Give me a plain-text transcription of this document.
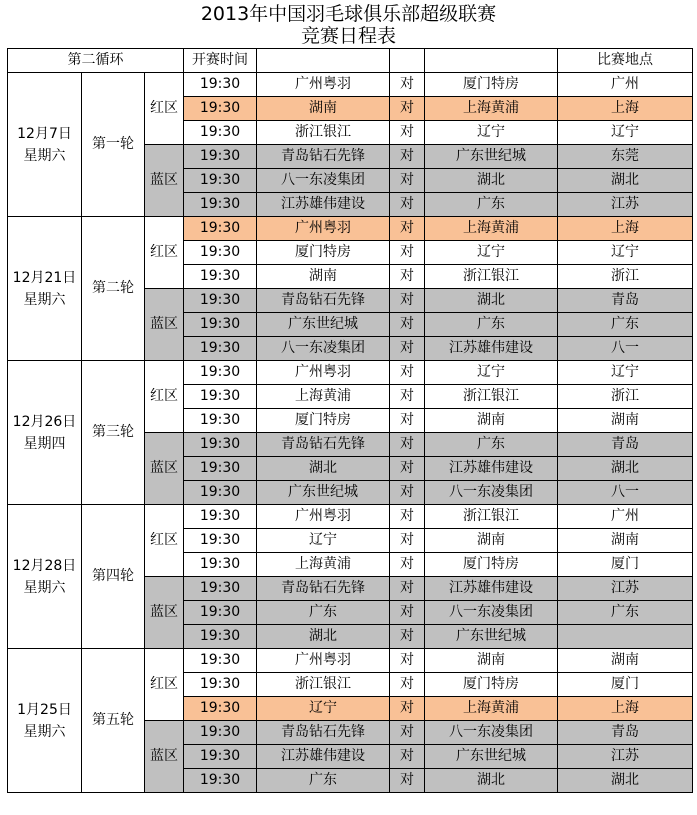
2013年中国羽毛球俱乐部超级联赛
竞赛日程表
第二循环			开赛时间				比赛地点

12月7日
星期六	第一轮	红区	19:30	广州粤羽	对	厦门特房	广州
			19:30	湖南	对	上海黄浦	上海
			19:30	浙江银江	对	辽宁	辽宁
		蓝区	19:30	青岛钻石先锋	对	广东世纪城	东莞
			19:30	八一东凌集团	对	湖北	湖北
			19:30	江苏雄伟建设	对	广东	江苏

12月21日
星期六	第二轮	红区	19:30	广州粤羽	对	上海黄浦	上海
			19:30	厦门特房	对	辽宁	辽宁
			19:30	湖南	对	浙江银江	浙江
		蓝区	19:30	青岛钻石先锋	对	湖北	青岛
			19:30	广东世纪城	对	广东	广东
			19:30	八一东凌集团	对	江苏雄伟建设	八一

12月26日
星期四	第三轮	红区	19:30	广州粤羽	对	辽宁	辽宁
			19:30	上海黄浦	对	浙江银江	浙江
			19:30	厦门特房	对	湖南	湖南
		蓝区	19:30	青岛钻石先锋	对	广东	青岛
			19:30	湖北	对	江苏雄伟建设	湖北
			19:30	广东世纪城	对	八一东凌集团	八一

12月28日
星期六	第四轮	红区	19:30	广州粤羽	对	浙江银江	广州
			19:30	辽宁	对	湖南	湖南
			19:30	上海黄浦	对	厦门特房	厦门
		蓝区	19:30	青岛钻石先锋	对	江苏雄伟建设	江苏
			19:30	广东	对	八一东凌集团	广东
			19:30	湖北	对	广东世纪城	

1月25日
星期六	第五轮	红区	19:30	广州粤羽	对	湖南	湖南
			19:30	浙江银江	对	厦门特房	厦门
			19:30	辽宁	对	上海黄浦	上海
		蓝区	19:30	青岛钻石先锋	对	八一东凌集团	青岛
			19:30	江苏雄伟建设	对	广东世纪城	江苏
			19:30	广东	对	湖北	湖北
